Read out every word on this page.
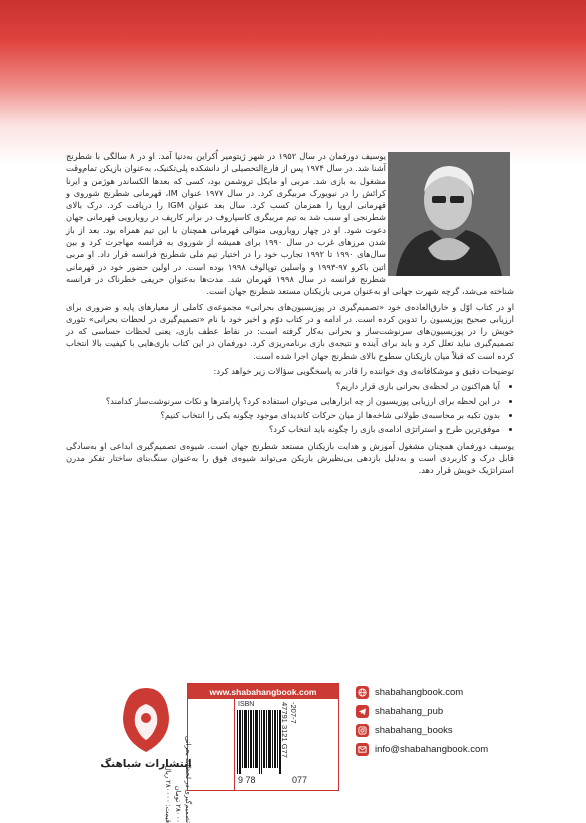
یوسیف دورفمان در سال ۱۹۵۲ در شهر ژیتومیر اُکراین به‌دنیا آمد. او در ۸ سالگی با شطرنج آشنا شد. در سال ۱۹۷۴ پس از فارغ‌التحصیلی از دانشکده پلی‌تکنیک، به‌عنوان بازیکن تمام‌وقت مشغول به بازی شد. مربی او مایکل تروشمن بود، کسی که بعدها الکساندر هوژمن و ایرنا کرائش را در نیویورک مربیگری کرد. در سال ۱۹۷۷ عنوان IM، قهرمانی شطرنج شوروی و قهرمانی اروپا را همزمان کسب کرد. سال بعد عنوان IGM را دریافت کرد. درک بالای شطرنجی او سبب شد به تیم مربیگری کاسپاروف در برابر کارپف در رویارویی قهرمانی جهان دعوت شود. او در چهار رویارویی متوالی قهرمانی همچنان با این تیم همراه بود. بعد از باز شدن مرزهای غرب در سال ۱۹۹۰ برای همیشه از شوروی به فرانسه مهاجرت کرد و بین سال‌های ۱۹۹۰ تا ۱۹۹۲ تجارب خود را در اختیار تیم ملی شطرنج فرانسه قرار داد. او مربی اتین باکرو ۹۷-۱۹۹۳ و واسلین توپالوف ۱۹۹۸ بوده است. در اولین حضور خود در قهرمانی شطرنج فرانسه در سال ۱۹۹۸ قهرمان شد. مدت‌ها به‌عنوان حریفی خطرناک در فرانسه شناخته می‌شد، گرچه شهرت جهانی او به‌عنوان مربی بازیکنان مستعد شطرنج جهان است.

او در کتاب اوّل و خارق‌العاده‌ی خود «تصمیم‌گیری در پوزیسیون‌های بحرانی» مجموعه‌ی کاملی از معیارهای پایه و ضروری برای ارزیابی صحیح پوزیسیون را تدوین کرده است. در ادامه و در کتاب دوّم و اخیر خود با نام «تصمیم‌گیری در لحظات بحرانی» تئوری خویش را در پوزیسیون‌های سرنوشت‌ساز و بحرانی به‌کار گرفته است: در نقاط عطف بازی، یعنی لحظات حساسی که در تصمیم‌گیری نباید تعلل کرد و باید برای آینده و نتیجه‌ی بازی برنامه‌ریزی کرد. دورفمان در این کتاب بازی‌هایی با کیفیت بالا انتخاب کرده است که قبلاً میان بازیکنان سطوح بالای شطرنج جهان اجرا شده است.

توضیحات دقیق و موشکافانه‌ی وی خواننده را قادر به پاسخگویی سؤالات زیر خواهد کرد:

• آیا هم‌اکنون در لحظه‌ی بحرانی بازی قرار داریم؟
• در این لحظه برای ارزیابی پوزیسیون از چه ابزارهایی می‌توان استفاده کرد؟ پارامترها و نکات سرنوشت‌ساز کدامند؟
• بدون تکیه بر محاسبه‌ی طولانی شاخه‌ها از میان حرکات کاندیدای موجود چگونه یکی را انتخاب کنیم؟
• موفق‌ترین طرح و استراتژی ادامه‌ی بازی را چگونه باید انتخاب کرد؟

یوسیف دورفمان همچنان مشغول آموزش و هدایت بازیکنان مستعد شطرنج جهان است. شیوه‌ی تصمیم‌گیری ابداعی او به‌سادگی قابل درک و کاربردی است و به‌دلیل بازدهی بی‌نظیرش بازیکن می‌تواند شیوه‌ی فوق را به‌عنوان سنگ‌بنای ساختار تفکر مدرن استراتژیک خویش قرار دهد.

shabahangbook.com
shabahang_pub
shabahang_books
info@shabahangbook.com
www.shabahangbook.com
تصمیم‌گیری در لحظات بحرانی
۲۸۰۰۰ تومان
قیمت: ۲۸۰۰۰۰ ریال
ISBN
9 78	077
-207-7
47791 3121 G77
انتشارات شباهنگ
